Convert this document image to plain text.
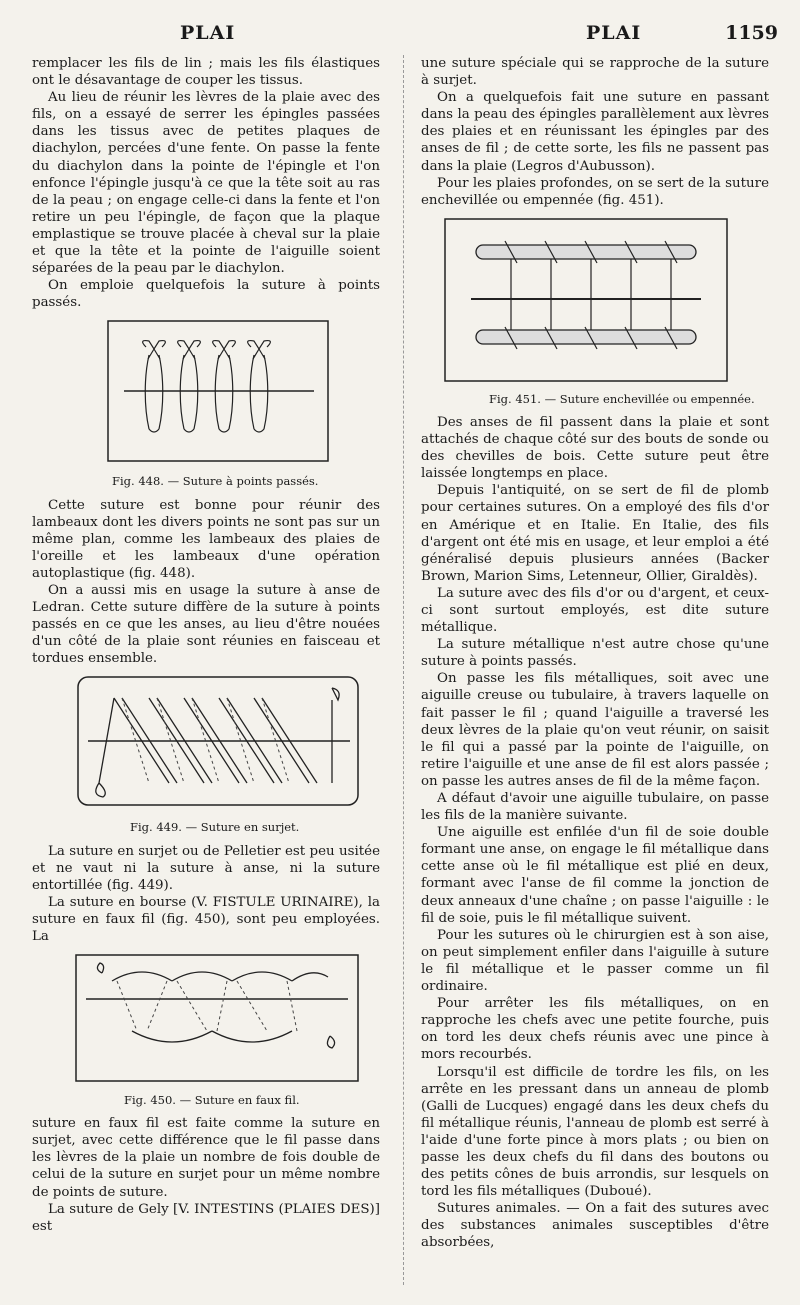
PLAI	PLAI	1159

remplacer les fils de lin ; mais les fils élastiques ont le désavantage de couper les tissus.

Au lieu de réunir les lèvres de la plaie avec des fils, on a essayé de serrer les épingles passées dans les tissus avec de petites plaques de diachylon, percées d'une fente. On passe la fente du diachylon dans la pointe de l'épingle et l'on enfonce l'épingle jusqu'à ce que la tête soit au ras de la peau ; on engage celle-ci dans la fente et l'on retire un peu l'épingle, de façon que la plaque emplastique se trouve placée à cheval sur la plaie et que la tête et la pointe de l'aiguille soient séparées de la peau par le diachylon.

On emploie quelquefois la suture à points passés.

Fig. 448. — Suture à points passés.

Cette suture est bonne pour réunir des lambeaux dont les divers points ne sont pas sur un même plan, comme les lambeaux des plaies de l'oreille et les lambeaux d'une opération autoplastique (fig. 448).

On a aussi mis en usage la suture à anse de Ledran. Cette suture diffère de la suture à points passés en ce que les anses, au lieu d'être nouées d'un côté de la plaie sont réunies en faisceau et tordues ensemble.

Fig. 449. — Suture en surjet.

La suture en surjet ou de Pelletier est peu usitée et ne vaut ni la suture à anse, ni la suture entortillée (fig. 449).

La suture en bourse (V. FISTULE URINAIRE), la suture en faux fil (fig. 450), sont peu employées. La

Fig. 450. — Suture en faux fil.

suture en faux fil est faite comme la suture en surjet, avec cette différence que le fil passe dans les lèvres de la plaie un nombre de fois double de celui de la suture en surjet pour un même nombre de points de suture.

La suture de Gely [V. INTESTINS (PLAIES DES)] est

une suture spéciale qui se rapproche de la suture à surjet.

On a quelquefois fait une suture en passant dans la peau des épingles parallèlement aux lèvres des plaies et en réunissant les épingles par des anses de fil ; de cette sorte, les fils ne passent pas dans la plaie (Legros d'Aubusson).

Pour les plaies profondes, on se sert de la suture enchevillée ou empennée (fig. 451).

Fig. 451. — Suture enchevillée ou empennée.

Des anses de fil passent dans la plaie et sont attachés de chaque côté sur des bouts de sonde ou des chevilles de bois. Cette suture peut être laissée longtemps en place.

Depuis l'antiquité, on se sert de fil de plomb pour certaines sutures. On a employé des fils d'or en Amérique et en Italie. En Italie, des fils d'argent ont été mis en usage, et leur emploi a été généralisé depuis plusieurs années (Backer Brown, Marion Sims, Letenneur, Ollier, Giraldès).

La suture avec des fils d'or ou d'argent, et ceux-ci sont surtout employés, est dite suture métallique.

La suture métallique n'est autre chose qu'une suture à points passés.

On passe les fils métalliques, soit avec une aiguille creuse ou tubulaire, à travers laquelle on fait passer le fil ; quand l'aiguille a traversé les deux lèvres de la plaie qu'on veut réunir, on saisit le fil qui a passé par la pointe de l'aiguille, on retire l'aiguille et une anse de fil est alors passée ; on passe les autres anses de fil de la même façon.

A défaut d'avoir une aiguille tubulaire, on passe les fils de la manière suivante.

Une aiguille est enfilée d'un fil de soie double formant une anse, on engage le fil métallique dans cette anse où le fil métallique est plié en deux, formant avec l'anse de fil comme la jonction de deux anneaux d'une chaîne ; on passe l'aiguille : le fil de soie, puis le fil métallique suivent.

Pour les sutures où le chirurgien est à son aise, on peut simplement enfiler dans l'aiguille à suture le fil métallique et le passer comme un fil ordinaire.

Pour arrêter les fils métalliques, on en rapproche les chefs avec une petite fourche, puis on tord les deux chefs réunis avec une pince à mors recourbés.

Lorsqu'il est difficile de tordre les fils, on les arrête en les pressant dans un anneau de plomb (Galli de Lucques) engagé dans les deux chefs du fil métallique réunis, l'anneau de plomb est serré à l'aide d'une forte pince à mors plats ; ou bien on passe les deux chefs du fil dans des boutons ou des petits cônes de buis arrondis, sur lesquels on tord les fils métalliques (Duboué).

Sutures animales. — On a fait des sutures avec des substances animales susceptibles d'être absorbées,
